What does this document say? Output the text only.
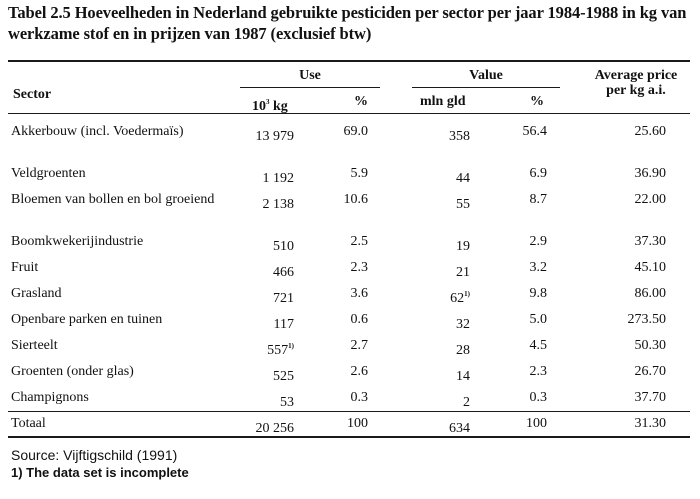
Tabel 2.5 Hoeveelheden in Nederland gebruikte pesticiden per sector per jaar 1984-1988 in kg van werkzame stof en in prijzen van 1987 (exclusief btw)
Sector
Use	Value	Average price
per kg a.i.
$10^3$ kg	%	mln gld	%
Akkerbouw (incl. Voedermaïs)	13 979	69.0	358	56.4	25.60
Veldgroenten	1 192	5.9	44	6.9	36.90
Bloemen van bollen en bol groeiend	2 138	10.6	55	8.7	22.00
Boomkwekerijindustrie	510	2.5	19	2.9	37.30
Fruit	466	2.3	21	3.2	45.10
Grasland	721	3.6	62$^{1)}$	9.8	86.00
Openbare parken en tuinen	117	0.6	32	5.0	273.50
Sierteelt	557$^{1)}$	2.7	28	4.5	50.30
Groenten (onder glas)	525	2.6	14	2.3	26.70
Champignons	53	0.3	2	0.3	37.70
Totaal	20 256	100	634	100	31.30
Source: Vijftigschild (1991)
1) The data set is incomplete
